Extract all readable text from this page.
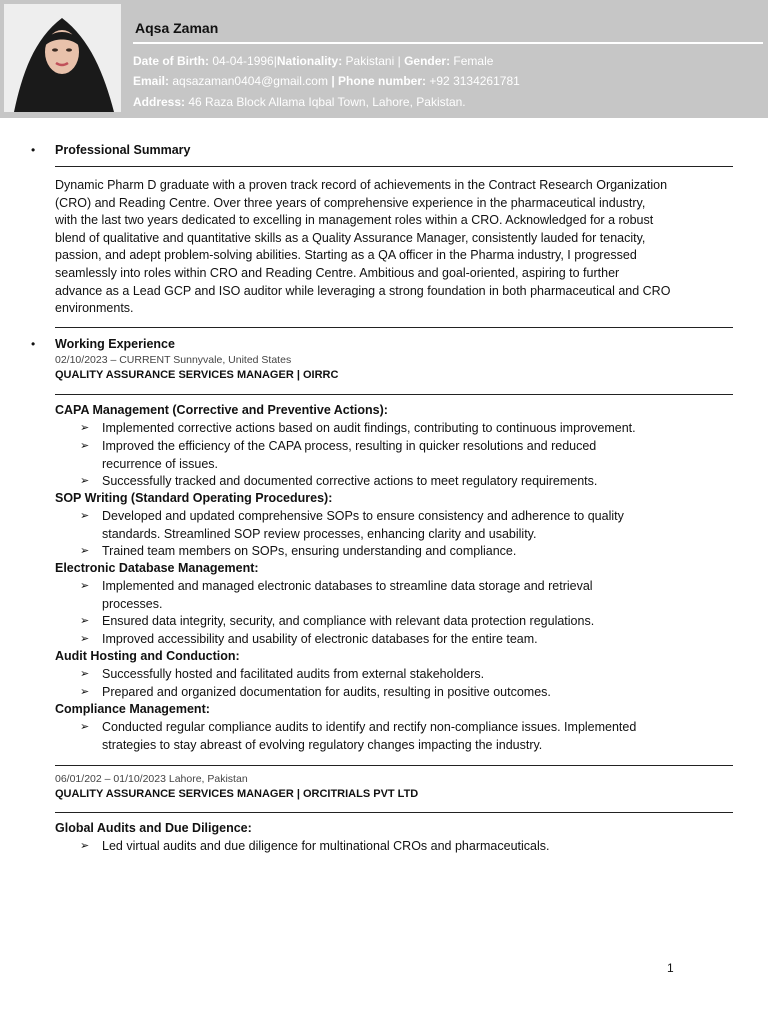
Aqsa Zaman
Date of Birth: 04-04-1996|Nationality: Pakistani | Gender: Female
Email: aqsazaman0404@gmail.com | Phone number: +92 3134261781
Address: 46 Raza Block Allama Iqbal Town, Lahore, Pakistan.
• Professional Summary
Dynamic Pharm D graduate with a proven track record of achievements in the Contract Research Organization
(CRO) and Reading Centre. Over three years of comprehensive experience in the pharmaceutical industry,
with the last two years dedicated to excelling in management roles within a CRO. Acknowledged for a robust
blend of qualitative and quantitative skills as a Quality Assurance Manager, consistently lauded for tenacity,
passion, and adept problem-solving abilities. Starting as a QA officer in the Pharma industry, I progressed
seamlessly into roles within CRO and Reading Centre. Ambitious and goal-oriented, aspiring to further
advance as a Lead GCP and ISO auditor while leveraging a strong foundation in both pharmaceutical and CRO
environments.
• Working Experience
02/10/2023 – CURRENT Sunnyvale, United States
QUALITY ASSURANCE SERVICES MANAGER | OIRRC
CAPA Management (Corrective and Preventive Actions):
➢ Implemented corrective actions based on audit findings, contributing to continuous improvement.
➢ Improved the efficiency of the CAPA process, resulting in quicker resolutions and reduced
recurrence of issues.
➢ Successfully tracked and documented corrective actions to meet regulatory requirements.
SOP Writing (Standard Operating Procedures):
➢ Developed and updated comprehensive SOPs to ensure consistency and adherence to quality
standards. Streamlined SOP review processes, enhancing clarity and usability.
➢ Trained team members on SOPs, ensuring understanding and compliance.
Electronic Database Management:
➢ Implemented and managed electronic databases to streamline data storage and retrieval
processes.
➢ Ensured data integrity, security, and compliance with relevant data protection regulations.
➢ Improved accessibility and usability of electronic databases for the entire team.
Audit Hosting and Conduction:
➢ Successfully hosted and facilitated audits from external stakeholders.
➢ Prepared and organized documentation for audits, resulting in positive outcomes.
Compliance Management:
➢ Conducted regular compliance audits to identify and rectify non-compliance issues. Implemented
strategies to stay abreast of evolving regulatory changes impacting the industry.
06/01/202 – 01/10/2023 Lahore, Pakistan
QUALITY ASSURANCE SERVICES MANAGER | ORCITRIALS PVT LTD
Global Audits and Due Diligence:
➢ Led virtual audits and due diligence for multinational CROs and pharmaceuticals.
1
